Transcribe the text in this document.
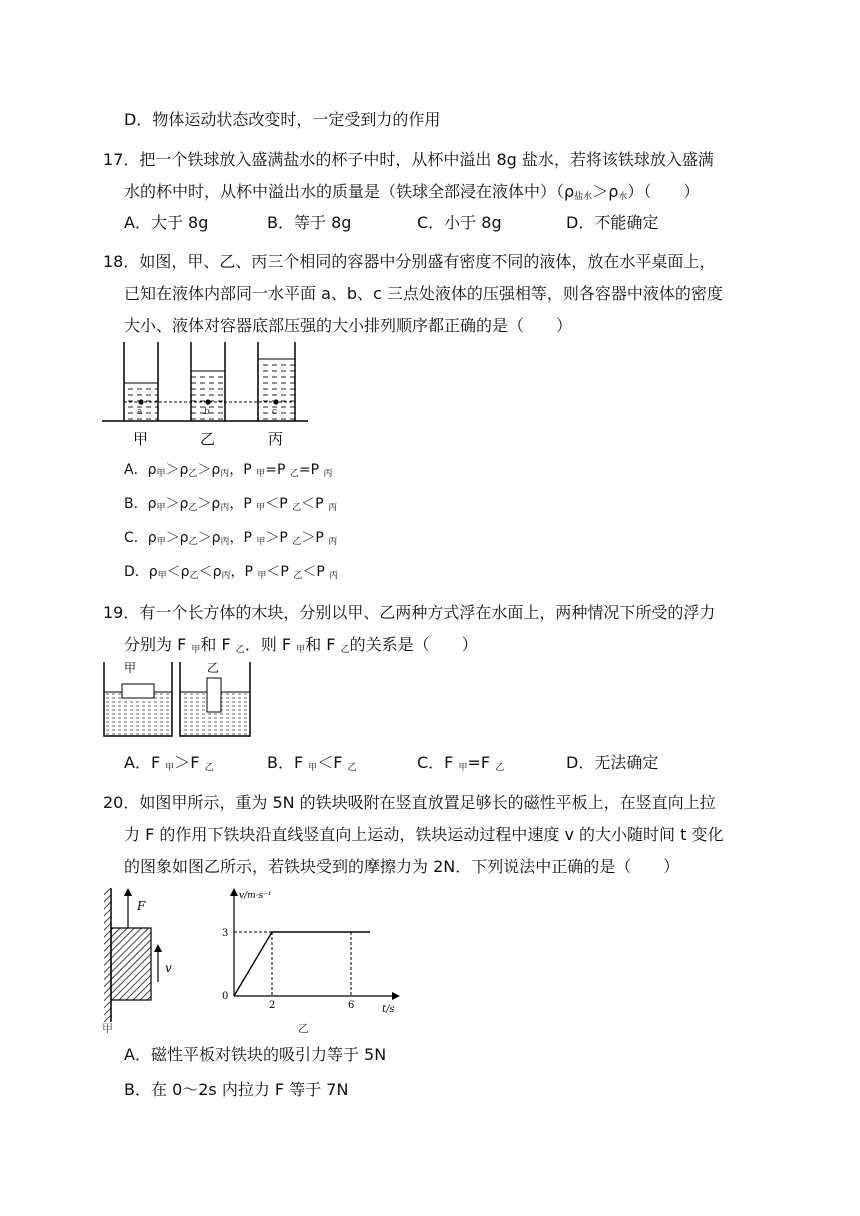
D．物体运动状态改变时，一定受到力的作用
17．把一个铁球放入盛满盐水的杯子中时，从杯中溢出 8g 盐水，若将该铁球放入盛满
水的杯中时，从杯中溢出水的质量是（铁球全部浸在液体中）$(\rho_{盐水}>\rho_水)$（　　）
A．大于 8g	B．等于 8g	C．小于 8g	D．不能确定
18．如图，甲、乙、丙三个相同的容器中分别盛有密度不同的液体，放在水平桌面上，
已知在液体内部同一水平面 a、b、c 三点处液体的压强相等，则各容器中液体的密度
大小、液体对容器底部压强的大小排列顺序都正确的是（　　）
a	b	c
甲	乙	丙
A．$\rho_甲>\rho_乙>\rho_丙$，P $_甲$=P $_乙$=P $_丙$
B．$\rho_甲>\rho_乙>\rho_丙$，P $_甲$＜P $_乙$＜P $_丙$
C．$\rho_甲>\rho_乙>\rho_丙$，P $_甲$＞P $_乙$＞P $_丙$
D．$\rho_甲<\rho_乙<\rho_丙$，P $_甲$＜P $_乙$＜P $_丙$
19．有一个长方体的木块，分别以甲、乙两种方式浮在水面上，两种情况下所受的浮力
分别为 F $_甲$和 F $_乙$．则 F $_甲$和 F $_乙$的关系是（　　）
甲	乙
A．F $_甲$＞F $_乙$	B．F $_甲$＜F $_乙$	C．F $_甲$=F $_乙$	D．无法确定
20．如图甲所示，重为 5N 的铁块吸附在竖直放置足够长的磁性平板上，在竖直向上拉
力 F 的作用下铁块沿直线竖直向上运动，铁块运动过程中速度 v 的大小随时间 t 变化
的图象如图乙所示，若铁块受到的摩擦力为 2N．下列说法中正确的是（　　）
F
v
甲
v/m·s⁻¹
t/s
0
3
2	6
乙
A．磁性平板对铁块的吸引力等于 5N
B．在 0～2s 内拉力 F 等于 7N
